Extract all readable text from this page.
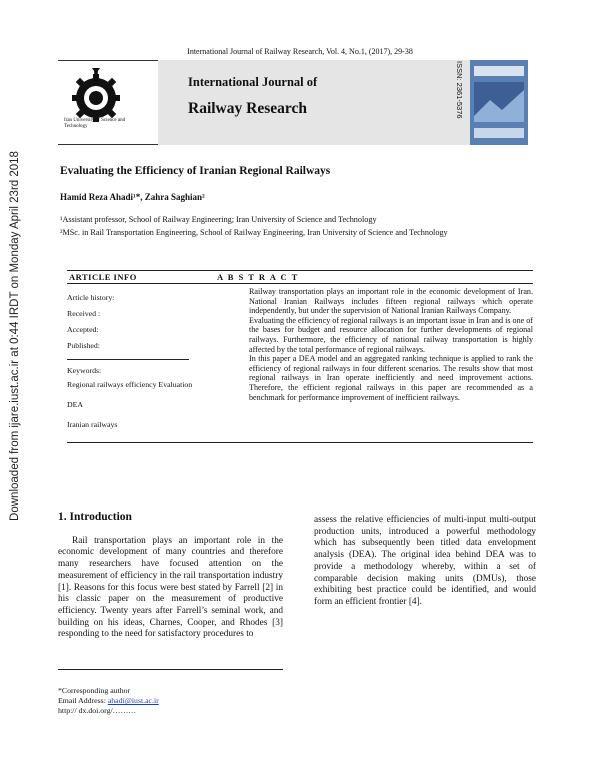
Downloaded from ijare.iust.ac.ir at 0:44 IRDT on Monday April 23rd 2018
International Journal of Railway Research, Vol. 4, No.1, (2017), 29-38
Iran University of Science and Technology
International Journal of
Railway Research	ISSN: 2361-5376
Evaluating the Efficiency of Iranian Regional Railways
Hamid Reza Ahadi¹*, Zahra Saghian²
¹Assistant professor, School of Railway Engineering; Iran University of Science and Technology
²MSc. in Rail Transportation Engineering, School of Railway Engineering, Iran University of Science and Technology
ARTICLE INFO	A B S T R A C T
Article history:
Received :
Accepted:
Published:
Keywords:
Regional railways efficiency Evaluation
DEA
Iranian railways

Railway transportation plays an important role in the economic development of Iran. National Iranian Railways includes fifteen regional railways which operate independently, but under the supervision of National Iranian Railways Company.

Evaluating the efficiency of regional railways is an important issue in Iran and is one of the bases for budget and resource allocation for further developments of regional railways. Furthermore, the efficiency of national railway transportation is highly affected by the total performance of regional railways.

In this paper a DEA model and an aggregated ranking technique is applied to rank the efficiency of regional railways in four different scenarios. The results show that most regional railways in Iran operate inefficiently and need improvement actions. Therefore, the efficient regional railways in this paper are recommended as a benchmark for performance improvement of inefficient railways.

1. Introduction

Rail transportation plays an important role in the economic development of many countries and therefore many researchers have focused attention on the measurement of efficiency in the rail transportation industry [1]. Reasons for this focus were best stated by Farrell [2] in his classic paper on the measurement of productive efficiency. Twenty years after Farrell’s seminal work, and building on his ideas, Charnes, Cooper, and Rhodes [3] responding to the need for satisfactory procedures to

assess the relative efficiencies of multi-input multi-output production units, introduced a powerful methodology which has subsequently been titled data envelopment analysis (DEA). The original idea behind DEA was to provide a methodology whereby, within a set of comparable decision making units (DMUs), those exhibiting best practice could be identified, and would form an efficient frontier [4].

*Corresponding author
Email Address: ahadi@iust.ac.ir
http:// dx.doi.org/………
